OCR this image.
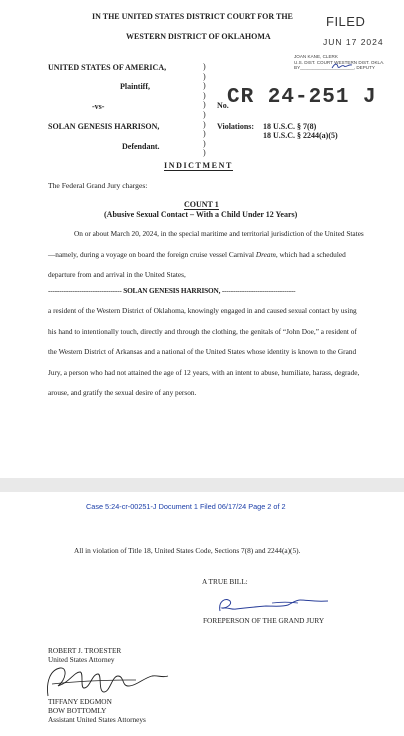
IN THE UNITED STATES DISTRICT COURT FOR THE
WESTERN DISTRICT OF OKLAHOMA
FILED
JUN 17 2024
JOAN KANE, CLERK
U.S. DIST. COURT WESTERN DIST. OKLA.
BY_____________________, DEPUTY
UNITED STATES OF AMERICA,
Plaintiff,
-vs-
SOLAN GENESIS HARRISON,
Defendant.
)
)
)
)
)
)
)
)
)
)
No.
CR 24-251 J
Violations: 18 U.S.C. § 7(8)
18 U.S.C. § 2244(a)(5)
INDICTMENT
The Federal Grand Jury charges:
COUNT 1
(Abusive Sexual Contact – With a Child Under 12 Years)
On or about March 20, 2024, in the special maritime and territorial jurisdiction of the United States—namely, during a voyage on board the foreign cruise vessel Carnival Dream, which had a scheduled departure from and arrival in the United States,
--------------------------------- SOLAN GENESIS HARRISON, ---------------------------------
a resident of the Western District of Oklahoma, knowingly engaged in and caused sexual contact by using his hand to intentionally touch, directly and through the clothing, the genitals of “John Doe,” a resident of the Western District of Arkansas and a national of the United States whose identity is known to the Grand Jury, a person who had not attained the age of 12 years, with an intent to abuse, humiliate, harass, degrade, arouse, and gratify the sexual desire of any person.
Case 5:24-cr-00251-J Document 1 Filed 06/17/24 Page 2 of 2
All in violation of Title 18, United States Code, Sections 7(8) and 2244(a)(5).
A TRUE BILL:
FOREPERSON OF THE GRAND JURY
ROBERT J. TROESTER
United States Attorney
TIFFANY EDGMON
BOW BOTTOMLY
Assistant United States Attorneys
